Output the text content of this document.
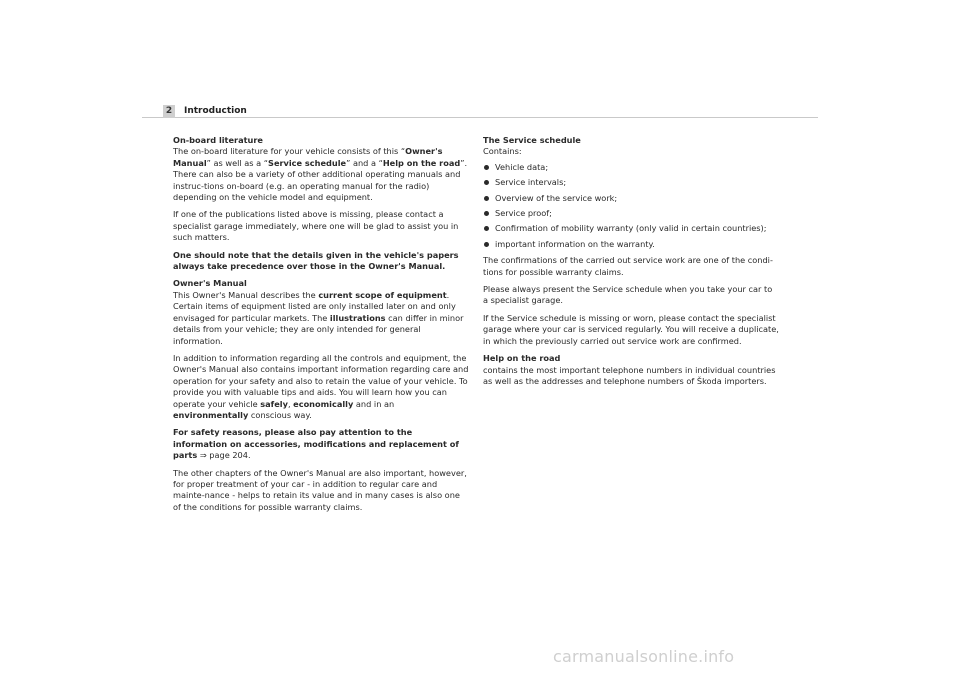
2	Introduction

On-board literature

The on-board literature for your vehicle consists of this “Owner's Manual” as well as a “Service schedule” and a “Help on the road”. There can also be a variety of other additional operating manuals and instruc-tions on-board (e.g. an operating manual for the radio) depending on the vehicle model and equipment.

If one of the publications listed above is missing, please contact a specialist garage immediately, where one will be glad to assist you in such matters.

One should note that the details given in the vehicle's papers always take precedence over those in the Owner's Manual.

Owner's Manual

This Owner's Manual describes the current scope of equipment. Certain items of equipment listed are only installed later on and only envisaged for particular markets. The illustrations can differ in minor details from your vehicle; they are only intended for general information.

In addition to information regarding all the controls and equipment, the Owner's Manual also contains important information regarding care and operation for your safety and also to retain the value of your vehicle. To provide you with valuable tips and aids. You will learn how you can operate your vehicle safely, economically and in an environmentally conscious way.

For safety reasons, please also pay attention to the information on accessories, modifications and replacement of parts ⇒ page 204.

The other chapters of the Owner's Manual are also important, however, for proper treatment of your car - in addition to regular care and mainte-nance - helps to retain its value and in many cases is also one of the conditions for possible warranty claims.

The Service schedule

Contains:

Vehicle data;
Service intervals;
Overview of the service work;
Service proof;
Confirmation of mobility warranty (only valid in certain countries);
important information on the warranty.

The confirmations of the carried out service work are one of the condi-tions for possible warranty claims.

Please always present the Service schedule when you take your car to a specialist garage.

If the Service schedule is missing or worn, please contact the specialist garage where your car is serviced regularly. You will receive a duplicate, in which the previously carried out service work are confirmed.

Help on the road

contains the most important telephone numbers in individual countries as well as the addresses and telephone numbers of Škoda importers.

carmanualsonline.info
